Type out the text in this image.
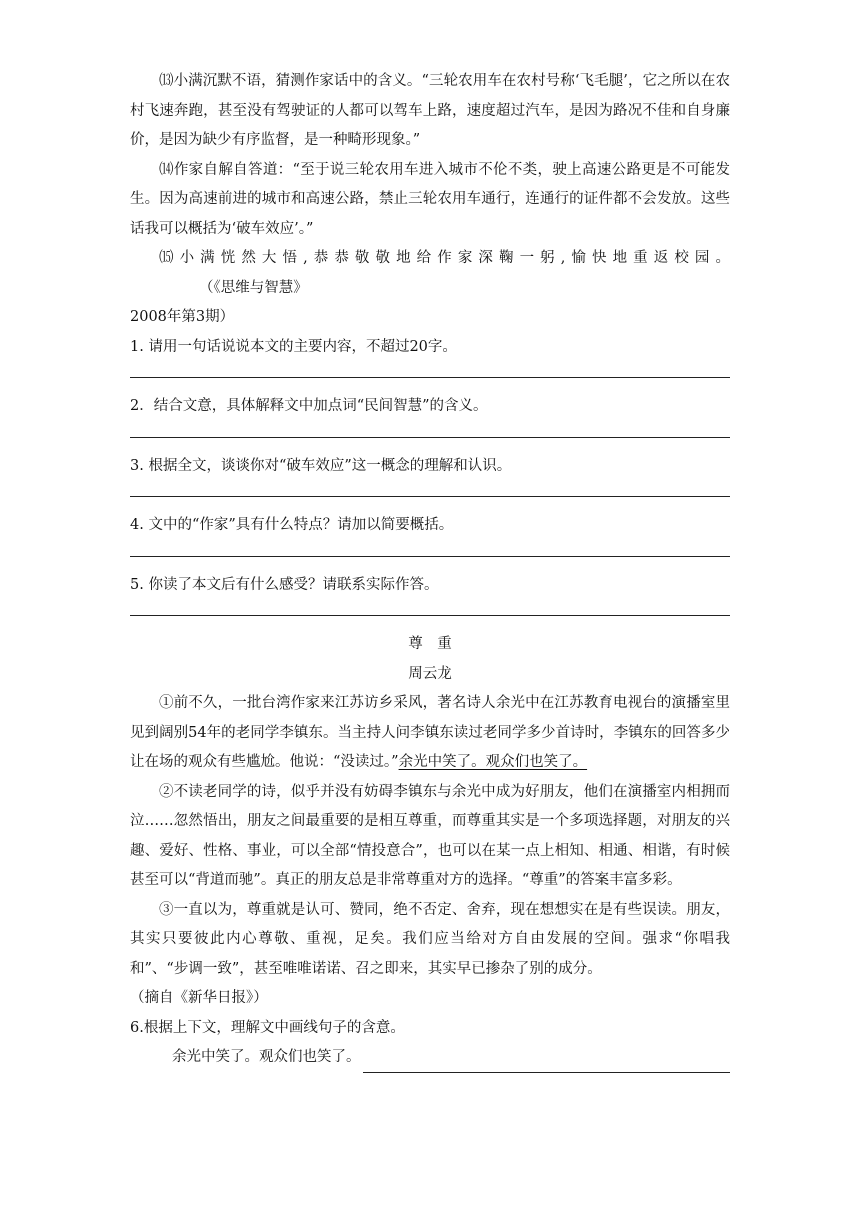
⒀小满沉默不语，猜测作家话中的含义。“三轮农用车在农村号称‘飞毛腿’，它之所以在农村飞速奔跑，甚至没有驾驶证的人都可以驾车上路，速度超过汽车，是因为路况不佳和自身廉价，是因为缺少有序监督，是一种畸形现象。”

⒁作家自解自答道：“至于说三轮农用车进入城市不伦不类，驶上高速公路更是不可能发生。因为高速前进的城市和高速公路，禁止三轮农用车通行，连通行的证件都不会发放。这些话我可以概括为‘破车效应’。”

⒂小满恍然大悟,恭恭敬敬地给作家深鞠一躬,愉快地重返校园。（《思维与智慧》

2008年第3期）

1. 请用一句话说说本文的主要内容，不超过20字。

2．结合文意，具体解释文中加点词“民间智慧”的含义。

3. 根据全文，谈谈你对“破车效应”这一概念的理解和认识。

4. 文中的“作家”具有什么特点？请加以简要概括。

5. 你读了本文后有什么感受？请联系实际作答。

尊　重

周云龙

①前不久，一批台湾作家来江苏访乡采风，著名诗人余光中在江苏教育电视台的演播室里见到阔别54年的老同学李镇东。当主持人问李镇东读过老同学多少首诗时，李镇东的回答多少让在场的观众有些尴尬。他说：“没读过。”余光中笑了。观众们也笑了。

②不读老同学的诗，似乎并没有妨碍李镇东与余光中成为好朋友，他们在演播室内相拥而泣……忽然悟出，朋友之间最重要的是相互尊重，而尊重其实是一个多项选择题，对朋友的兴趣、爱好、性格、事业，可以全部“情投意合”，也可以在某一点上相知、相通、相谐，有时候甚至可以“背道而驰”。真正的朋友总是非常尊重对方的选择。“尊重”的答案丰富多彩。

③一直以为，尊重就是认可、赞同，绝不否定、舍弃，现在想想实在是有些误读。朋友，其实只要彼此内心尊敬、重视，足矣。我们应当给对方自由发展的空间。强求“你唱我和”、“步调一致”，甚至唯唯诺诺、召之即来，其实早已掺杂了别的成分。

（摘自《新华日报》）

6.根据上下文，理解文中画线句子的含意。

余光中笑了。观众们也笑了。
